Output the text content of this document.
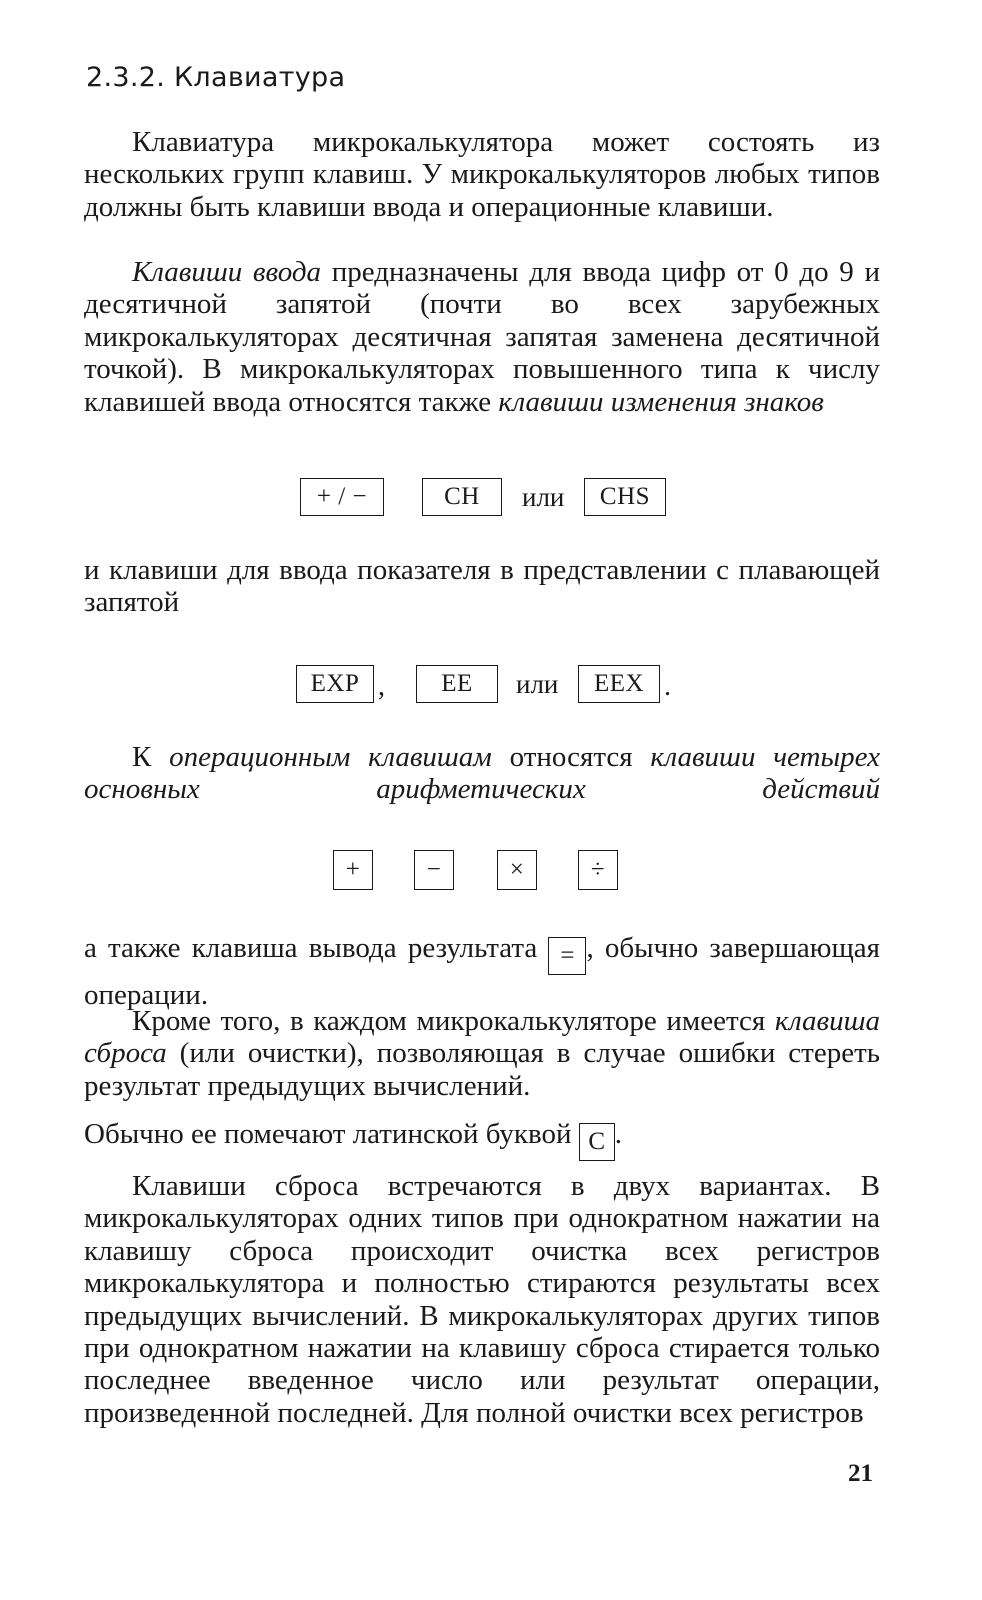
2.3.2. Клавиатура

Клавиатура микрокалькулятора может состоять из нескольких групп клавиш. У микрокалькуляторов любых типов должны быть клавиши ввода и операционные клавиши.

Клавиши ввода предназначены для ввода цифр от 0 до 9 и десятичной запятой (почти во всех зарубежных микрокалькуляторах десятичная запятая заменена десятичной точкой). В микрокалькуляторах повышенного типа к числу клавишей ввода относятся также клавиши изменения знаков

+ / −	CH	или	CHS

и клавиши для ввода показателя в представлении с плавающей запятой

EXP ,	EE	или	EEX .

К операционным клавишам относятся клавиши четырех основных арифметических действий

+	−	×	÷

а также клавиша вывода результата = , обычно завершающая операции.

Кроме того, в каждом микрокалькуляторе имеется клавиша сброса (или очистки), позволяющая в случае ошибки стереть результат предыдущих вычислений.

Обычно ее помечают латинской буквой C .

Клавиши сброса встречаются в двух вариантах. В микрокалькуляторах одних типов при однократном нажатии на клавишу сброса происходит очистка всех регистров микрокалькулятора и полностью стираются результаты всех предыдущих вычислений. В микрокалькуляторах других типов при однократном нажатии на клавишу сброса стирается только последнее введенное число или результат операции, произведенной последней. Для полной очистки всех регистров

21
